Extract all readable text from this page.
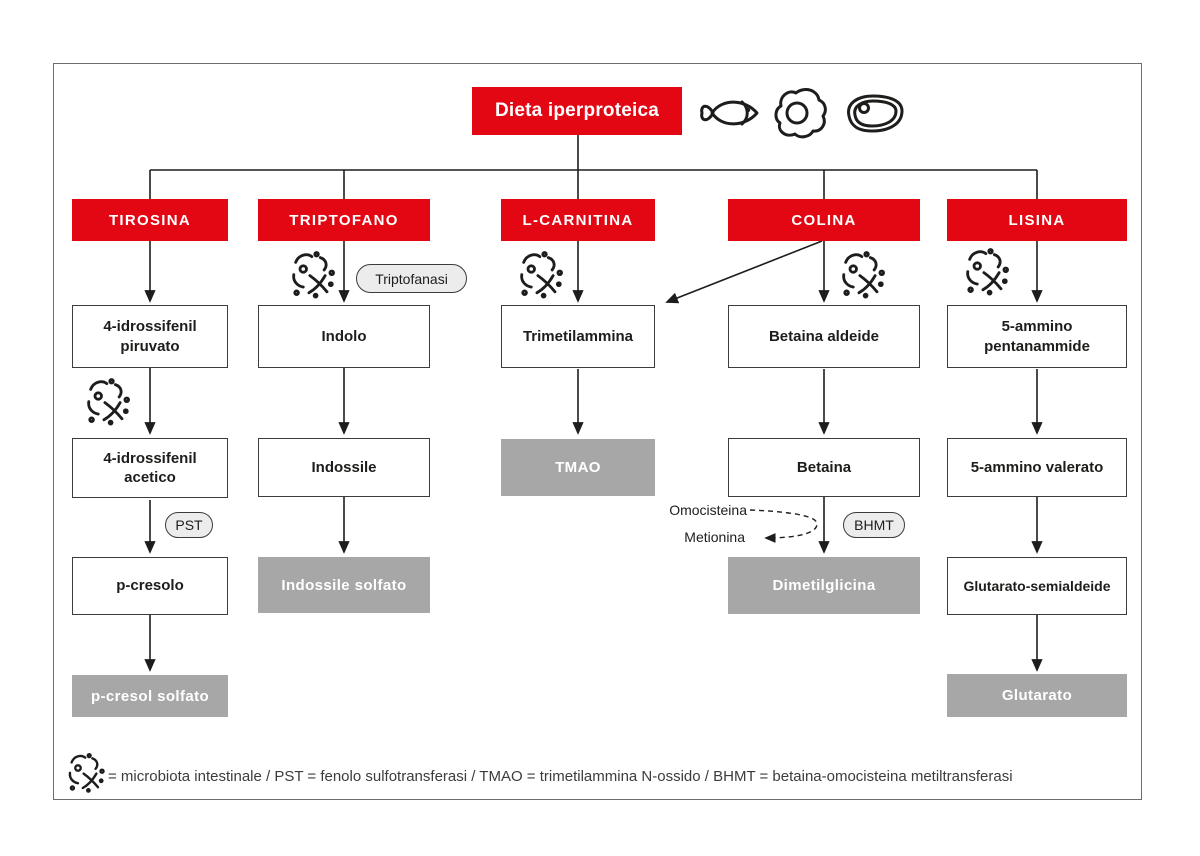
Dieta iperproteica
TIROSINA	TRIPTOFANO	L-CARNITINA	COLINA	LISINA
4-idrossifenil piruvato
Indolo	Trimetilammina	Betaina aldeide
5-ammino pentanammide
4-idrossifenil acetico
Indossile	TMAO	Betaina	5-ammino valerato
p-cresolo	Indossile solfato	Dimetilglicina	Glutarato-semialdeide
p-cresol solfato	Glutarato
Triptofanasi
PST	BHMT
Omocisteina
Metionina
= microbiota intestinale / PST = fenolo sulfotransferasi / TMAO = trimetilammina N-ossido / BHMT = betaina-omocisteina metiltransferasi
